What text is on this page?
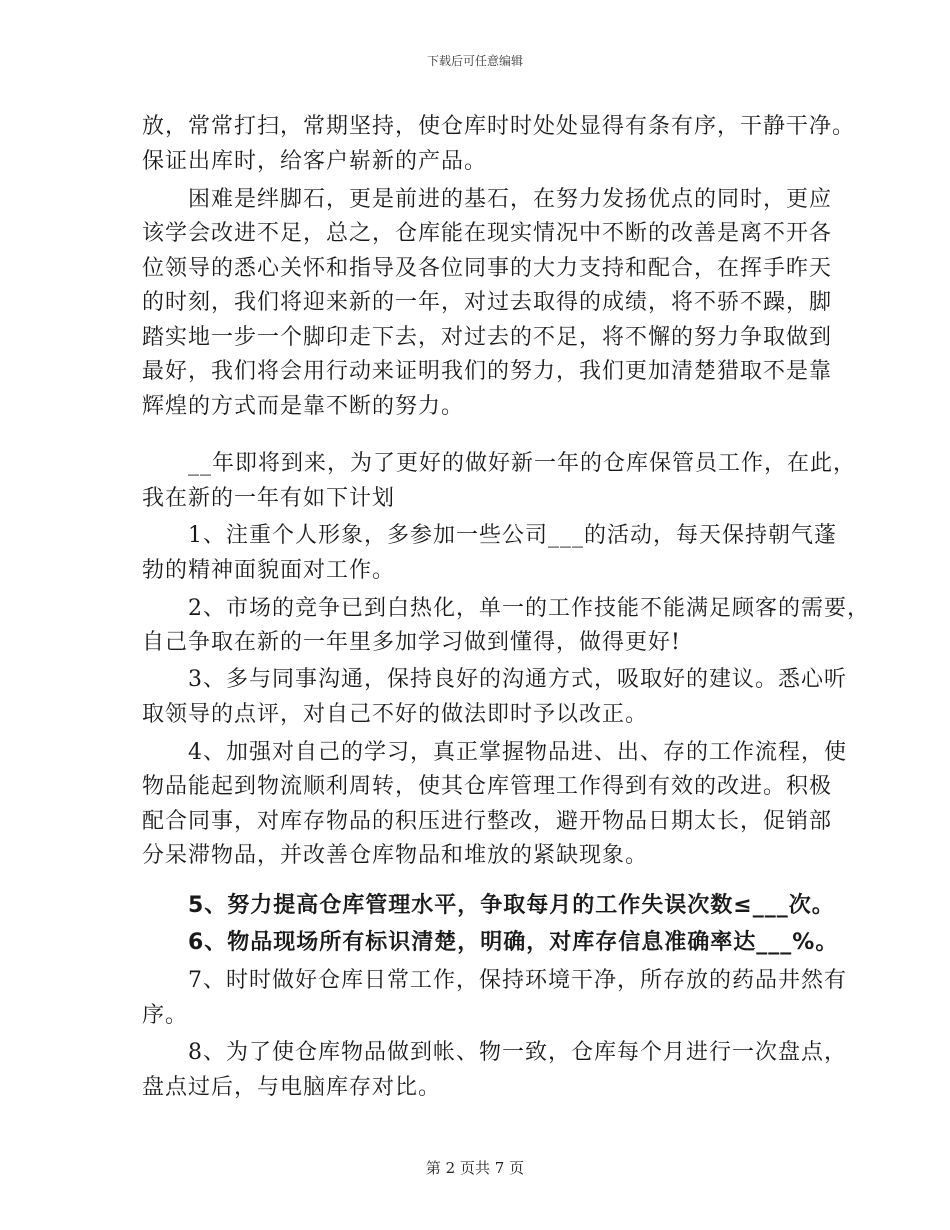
下载后可任意编辑
放，常常打扫，常期坚持，使仓库时时处处显得有条有序，干静干净。
保证出库时，给客户崭新的产品。
　　困难是绊脚石，更是前进的基石，在努力发扬优点的同时，更应
该学会改进不足，总之，仓库能在现实情况中不断的改善是离不开各
位领导的悉心关怀和指导及各位同事的大力支持和配合，在挥手昨天
的时刻，我们将迎来新的一年，对过去取得的成绩，将不骄不躁，脚
踏实地一步一个脚印走下去，对过去的不足，将不懈的努力争取做到
最好，我们将会用行动来证明我们的努力，我们更加清楚猎取不是靠
辉煌的方式而是靠不断的努力。
　　__年即将到来，为了更好的做好新一年的仓库保管员工作，在此，
我在新的一年有如下计划
　　1、注重个人形象，多参加一些公司___的活动，每天保持朝气蓬
勃的精神面貌面对工作。
　　2、市场的竞争已到白热化，单一的工作技能不能满足顾客的需要，
自己争取在新的一年里多加学习做到懂得，做得更好!
　　3、多与同事沟通，保持良好的沟通方式，吸取好的建议。悉心听
取领导的点评，对自己不好的做法即时予以改正。
　　4、加强对自己的学习，真正掌握物品进、出、存的工作流程，使
物品能起到物流顺利周转，使其仓库管理工作得到有效的改进。积极
配合同事，对库存物品的积压进行整改，避开物品日期太长，促销部
分呆滞物品，并改善仓库物品和堆放的紧缺现象。
　　5、努力提高仓库管理水平，争取每月的工作失误次数≤___次。
　　6、物品现场所有标识清楚，明确，对库存信息准确率达___%。
　　7、时时做好仓库日常工作，保持环境干净，所存放的药品井然有
序。
　　8、为了使仓库物品做到帐、物一致，仓库每个月进行一次盘点，
盘点过后，与电脑库存对比。
第 2 页共 7 页
